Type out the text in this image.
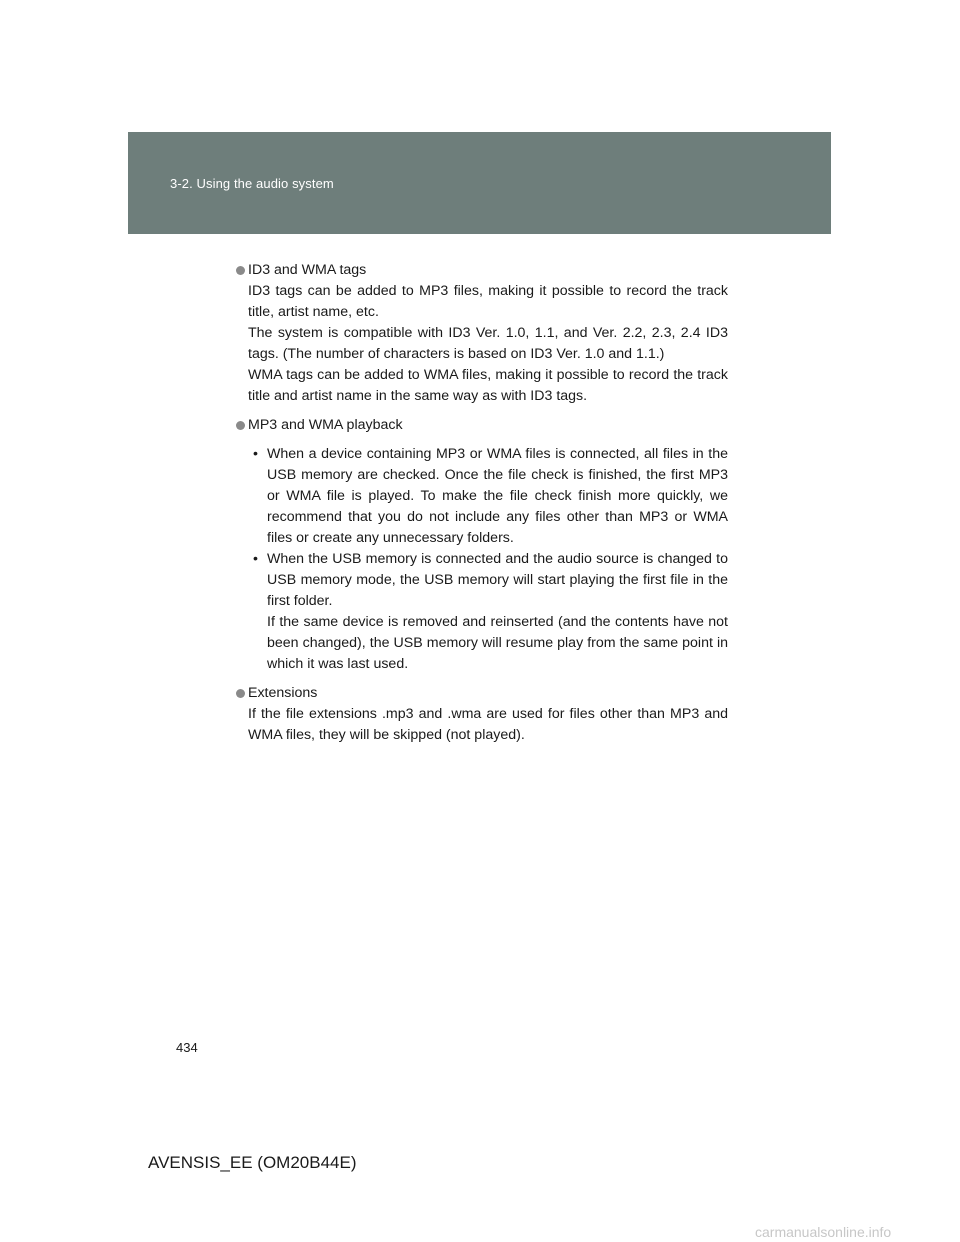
3-2. Using the audio system
ID3 and WMA tags
ID3 tags can be added to MP3 files, making it possible to record the track title, artist name, etc.
The system is compatible with ID3 Ver. 1.0, 1.1, and Ver. 2.2, 2.3, 2.4 ID3 tags. (The number of characters is based on ID3 Ver. 1.0 and 1.1.)
WMA tags can be added to WMA files, making it possible to record the track title and artist name in the same way as with ID3 tags.
MP3 and WMA playback
• When a device containing MP3 or WMA files is connected, all files in the USB memory are checked. Once the file check is finished, the first MP3 or WMA file is played. To make the file check finish more quickly, we recommend that you do not include any files other than MP3 or WMA files or create any unnecessary folders.
• When the USB memory is connected and the audio source is changed to USB memory mode, the USB memory will start playing the first file in the first folder.
If the same device is removed and reinserted (and the contents have not been changed), the USB memory will resume play from the same point in which it was last used.
Extensions
If the file extensions .mp3 and .wma are used for files other than MP3 and WMA files, they will be skipped (not played).
434
AVENSIS_EE (OM20B44E)
carmanualsonline.info
